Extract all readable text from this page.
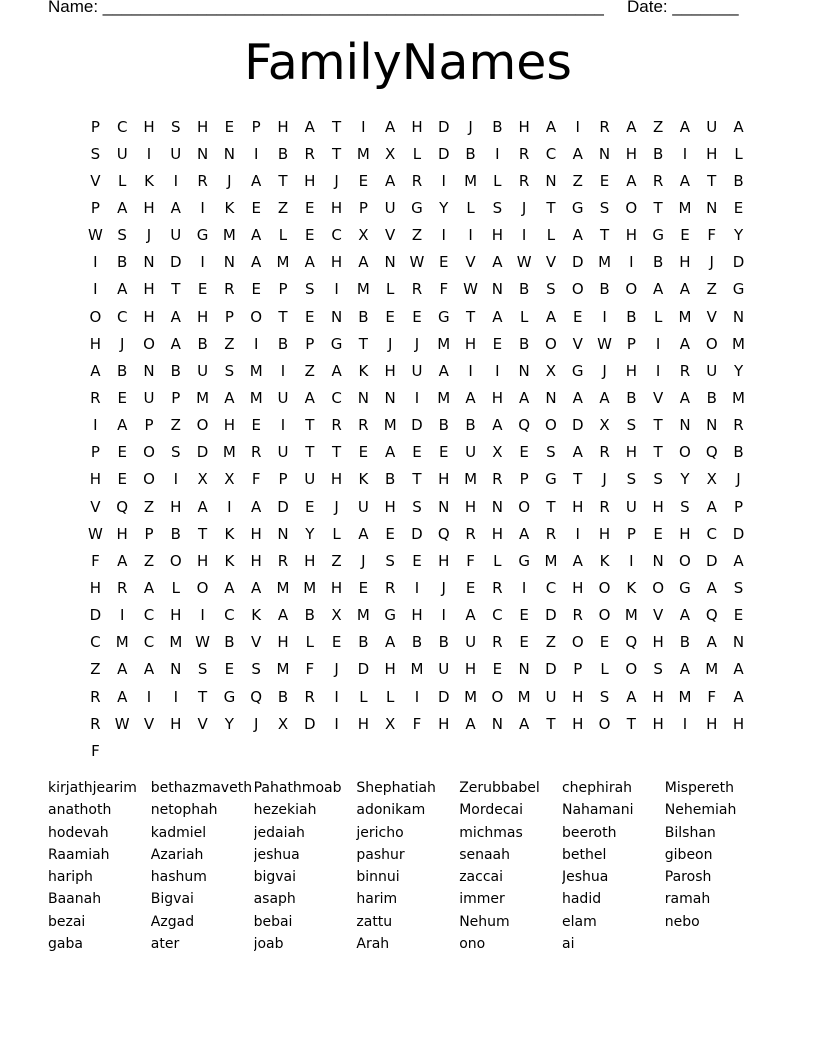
Name: _____________________________________________________

Date: _______

FamilyNames
P	C	H	S	H	E	P	H	A	T	I	A	H	D	J	B	H	A	I	R	A	Z	A	U	A
S	U	I	U	N	N	I	B	R	T	M	X	L	D	B	I	R	C	A	N	H	B	I	H	L
V	L	K	I	R	J	A	T	H	J	E	A	R	I	M	L	R	N	Z	E	A	R	A	T	B
P	A	H	A	I	K	E	Z	E	H	P	U	G	Y	L	S	J	T	G	S	O	T	M N	E
W S	J	U	G M	A	L	E	C	X	V	Z	I	I	H	I	L	A	T	H	G	E	F	Y
I	B	N	D	I	N	A	M	A	H	A	N W E	V	A W V	D M	I	B	H	J	D
I	A	H	T	E	R	E	P	S	I	M	L	R	F	W N	B	S	O	B	O	A	A	Z	G
O	C	H	A	H	P	O	T	E	N	B	E	E	G	T	A	L	A	E	I	B	L	M	V	N
H	J	O	A	B	Z	I	B	P	G	T	J	J	M H	E	B	O	V W P	I	A	O M
A	B	N	B	U	S	M	I	Z	A	K	H	U	A	I	I	N	X	G	J	H	I	R	U	Y
R	E	U	P	M	A	M U	A	C	N	N	I	M	A	H	A	N	A	A	B	V	A	B	M
I	A	P	Z	O	H	E	I	T	R	R	M D	B	B	A	Q O	D	X	S	T	N	N	R
P	E	O	S	D M	R	U	T	T	E	A	E	E	U	X	E	S	A	R	H	T	O Q	B
H	E	O	I	X	X	F	P	U	H	K	B	T	H M	R	P	G	T	J	S	S	Y	X	J
V	Q	Z	H	A	I	A	D	E	J	U	H	S	N	H	N	O	T	H	R	U	H	S	A	P
W H	P	B	T	K	H	N	Y	L	A	E	D	Q	R	H	A	R	I	H	P	E	H	C	D
F	A	Z	O	H	K	H	R	H	Z	J	S	E	H	F	L	G M	A	K	I	N	O	D	A
H	R	A	L	O	A	A	M M H	E	R	I	J	E	R	I	C	H	O	K	O	G	A	S
D	I	C	H	I	C	K	A	B	X	M G	H	I	A	C	E	D	R	O M	V	A	Q	E
C	M	C	M W B	V	H	L	E	B	A	B	B	U	R	E	Z	O	E	Q	H	B	A	N
Z	A	A	N	S	E	S	M	F	J	D	H M U	H	E	N	D	P	L	O	S	A	M	A
R	A	I	I	T	G	Q	B	R	I	L	L	I	D M O M U	H	S	A	H M	F	A
R W V	H	V	Y	J	X	D	I	H	X	F	H	A	N	A	T	H	O	T	H	I	H	H
F
kirjathjearim bethazmaveth Pahathmoab	Shephatiah	Zerubbabel	chephirah	Mispereth
anathoth	netophah	hezekiah	adonikam	Mordecai	Nahamani	Nehemiah
hodevah	kadmiel	jedaiah	jericho	michmas	beeroth	Bilshan
Raamiah	Azariah	jeshua	pashur	senaah	bethel	gibeon
hariph	hashum	bigvai	binnui	zaccai	Jeshua	Parosh
Baanah	Bigvai	asaph	harim	immer	hadid	ramah
bezai	Azgad	bebai	zattu	Nehum	elam	nebo
gaba	ater	joab	Arah	ono	ai
